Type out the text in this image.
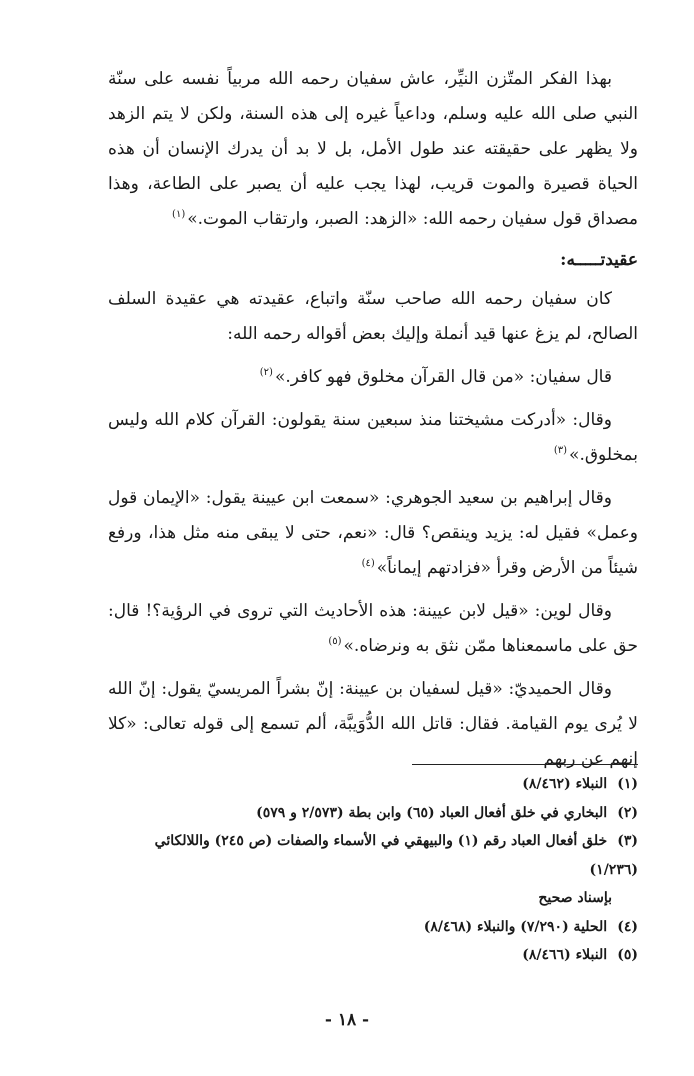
بهذا الفكر المتّزن النيِّر، عاش سفيان رحمه الله مربياً نفسه على سنّة النبي صلى الله عليه وسلم، وداعياً غيره إلى هذه السنة، ولكن لا يتم الزهد ولا يظهر على حقيقته عند طول الأمل، بل لا بد أن يدرك الإنسان أن هذه الحياة قصيرة والموت قريب، لهذا يجب عليه أن يصبر على الطاعة، وهذا مصداق قول سفيان رحمه الله: «الزهد: الصبر، وارتقاب الموت.»$^{(١)}$

عقيدتـــــه:

كان سفيان رحمه الله صاحب سنّة واتباع، عقيدته هي عقيدة السلف الصالح، لم يزغ عنها قيد أنملة وإليك بعض أقواله رحمه الله:

قال سفيان: «من قال القرآن مخلوق فهو كافر.»$^{(٢)}$

وقال: «أدركت مشيختنا منذ سبعين سنة يقولون: القرآن كلام الله وليس بمخلوق.»$^{(٣)}$

وقال إبراهيم بن سعيد الجوهري: «سمعت ابن عيينة يقول: «الإيمان قول وعمل» فقيل له: يزيد وينقص؟ قال: «نعم، حتى لا يبقى منه مثل هذا، ورفع شيئاً من الأرض وقرأ «فزادتهم إيماناً»$^{(٤)}$

وقال لوين: «قيل لابن عيينة: هذه الأحاديث التي تروى في الرؤية؟! قال: حق على ماسمعناها ممّن نثق به ونرضاه.»$^{(٥)}$

وقال الحميديّ: «قيل لسفيان بن عيينة: إنّ بشراً المريسيّ يقول: إنّ الله لا يُرى يوم القيامة. فقال: قاتل الله الدُّوَيبَّة، ألم تسمع إلى قوله تعالى: «كلا إنهم عن ربهم

(١) النبلاء (٨/٤٦٢)

(٢) البخاري في خلق أفعال العباد (٦٥) وابن بطة (٢/٥٧٣ و ٥٧٩)

(٣) خلق أفعال العباد رقم (١) والبيهقي في الأسماء والصفات (ص ٢٤٥) واللالكائي (١/٢٣٦)

بإسناد صحيح

(٤) الحلية (٧/٢٩٠) والنبلاء (٨/٤٦٨)

(٥) النبلاء (٨/٤٦٦)

- ١٨ -
